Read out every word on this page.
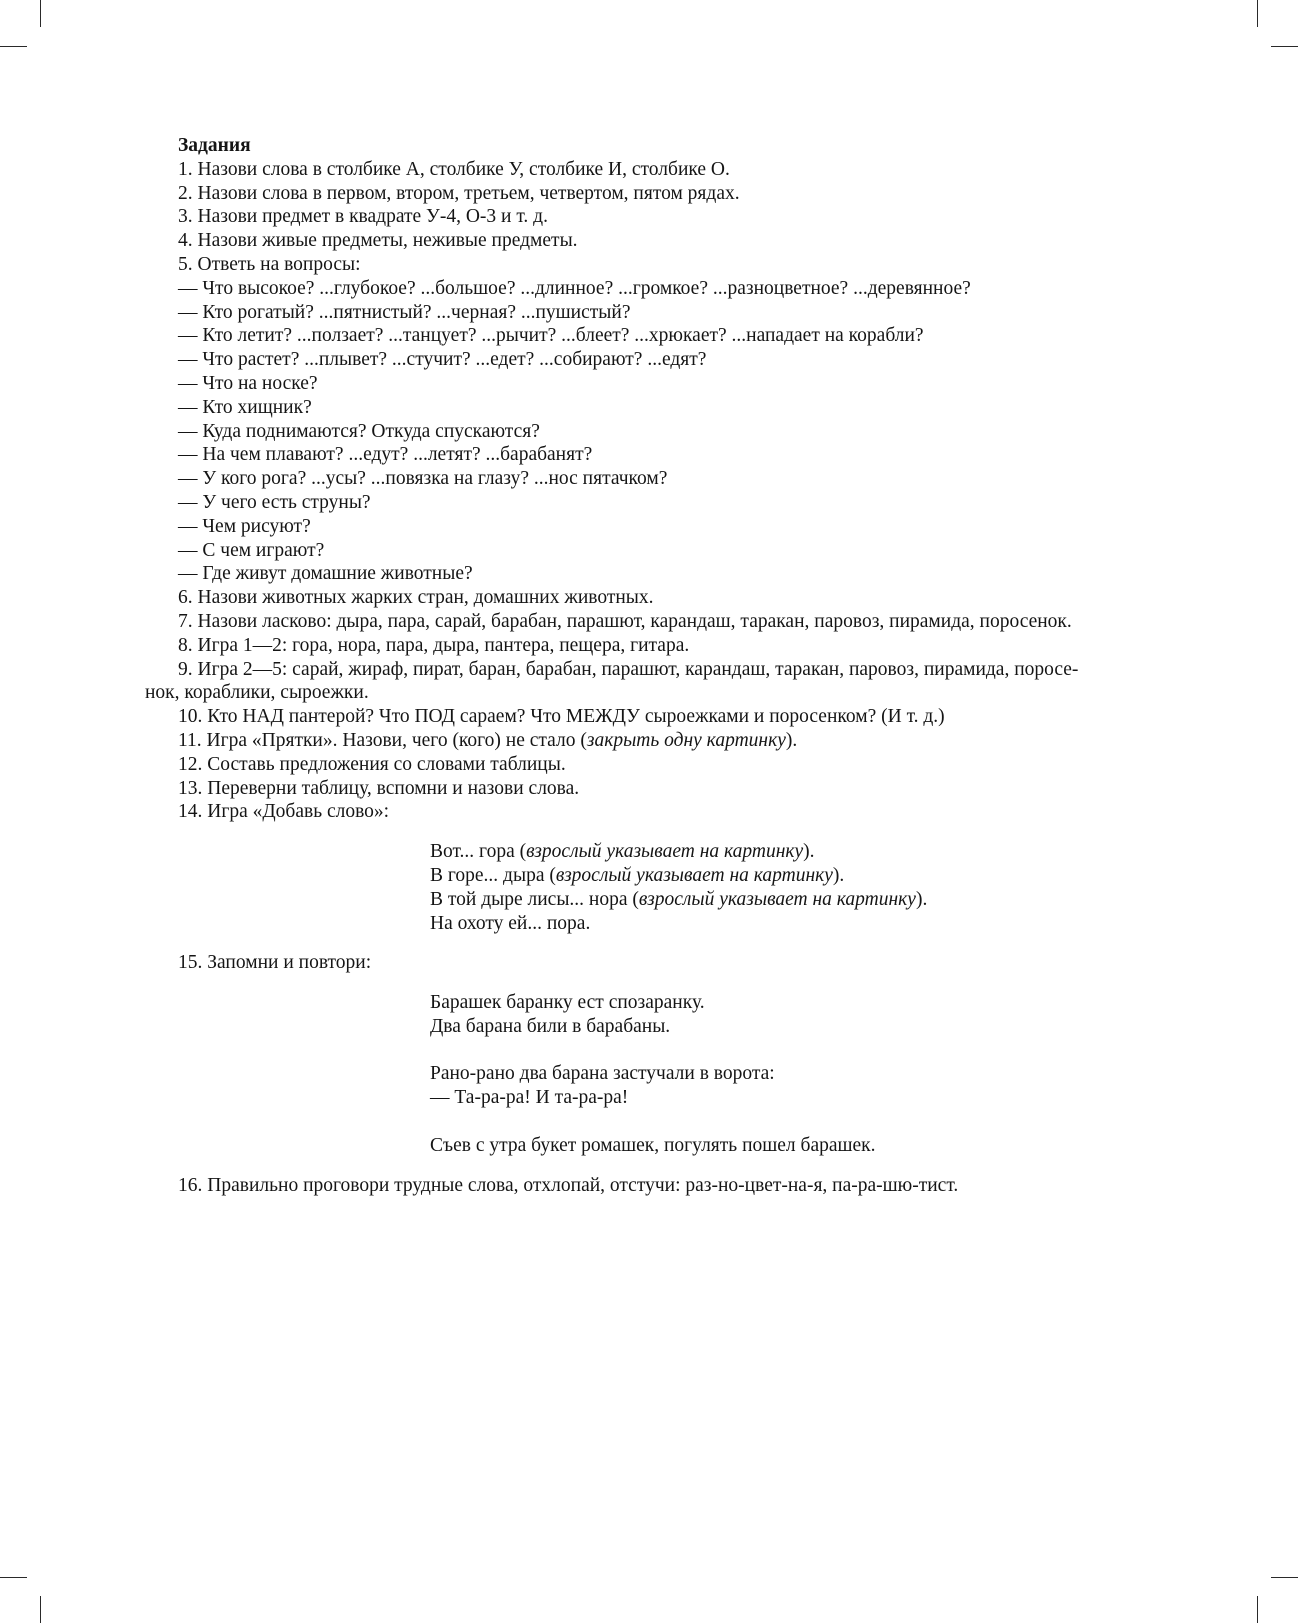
Задания
1. Назови слова в столбике А, столбике У, столбике И, столбике О.
2. Назови слова в первом, втором, третьем, четвертом, пятом рядах.
3. Назови предмет в квадрате У-4, О-3 и т. д.
4. Назови живые предметы, неживые предметы.
5. Ответь на вопросы:
— Что высокое? ...глубокое? ...большое? ...длинное? ...громкое? ...разноцветное? ...деревянное?
— Кто рогатый? ...пятнистый? ...черная? ...пушистый?
— Кто летит? ...ползает? ...танцует? ...рычит? ...блеет? ...хрюкает? ...нападает на корабли?
— Что растет? ...плывет? ...стучит? ...едет? ...собирают? ...едят?
— Что на носке?
— Кто хищник?
— Куда поднимаются? Откуда спускаются?
— На чем плавают? ...едут? ...летят? ...барабанят?
— У кого рога? ...усы? ...повязка на глазу? ...нос пятачком?
— У чего есть струны?
— Чем рисуют?
— С чем играют?
— Где живут домашние животные?
6. Назови животных жарких стран, домашних животных.
7. Назови ласково: дыра, пара, сарай, барабан, парашют, карандаш, таракан, паровоз, пирамида, поросенок.
8. Игра 1—2: гора, нора, пара, дыра, пантера, пещера, гитара.
9. Игра 2—5: сарай, жираф, пират, баран, барабан, парашют, карандаш, таракан, паровоз, пирамида, поросе-
нок, кораблики, сыроежки.
10. Кто НАД пантерой? Что ПОД сараем? Что МЕЖДУ сыроежками и поросенком? (И т. д.)
11. Игра «Прятки». Назови, чего (кого) не стало (закрыть одну картинку).
12. Составь предложения со словами таблицы.
13. Переверни таблицу, вспомни и назови слова.
14. Игра «Добавь слово»:
Вот... гора (взрослый указывает на картинку).
В горе... дыра (взрослый указывает на картинку).
В той дыре лисы... нора (взрослый указывает на картинку).
На охоту ей... пора.
15. Запомни и повтори:
Барашек баранку ест спозаранку.
Два барана били в барабаны.

Рано-рано два барана застучали в ворота:
— Та-ра-ра! И та-ра-ра!

Съев с утра букет ромашек, погулять пошел барашек.
16. Правильно проговори трудные слова, отхлопай, отстучи: раз-но-цвет-на-я, па-ра-шю-тист.
